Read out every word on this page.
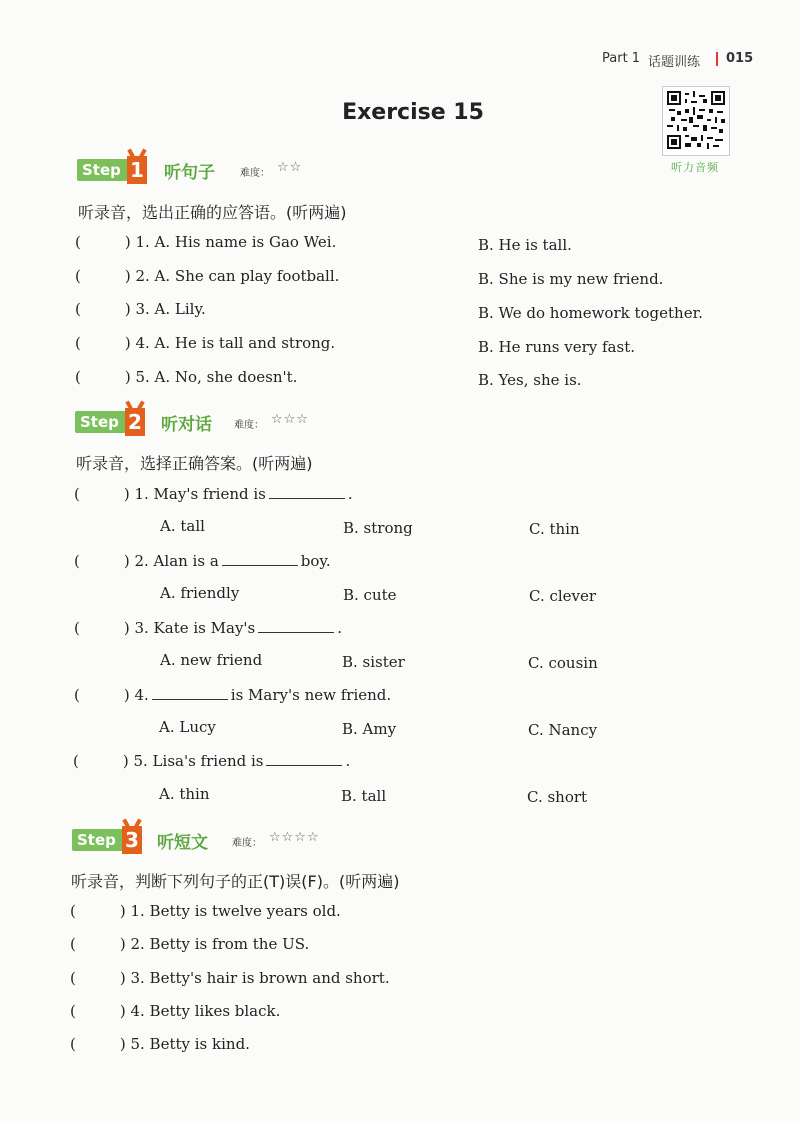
Part 1 话题训练 015
Exercise 15
听力音频
Step 1 听句子	难度： ☆☆
听录音，选出正确的应答语。(听两遍)
(	) 1. A. His name is Gao Wei.	B. He is tall.
(	) 2. A. She can play football.	B. She is my new friend.
(	) 3. A. Lily.	B. We do homework together.
(	) 4. A. He is tall and strong.	B. He runs very fast.
(	) 5. A. No, she doesn't.	B. Yes, she is.
Step 2 听对话 难度： ☆☆☆
听录音，选择正确答案。(听两遍)
(	) 1. May's friend is	.
A. tall	B. strong	C. thin
(	) 2. Alan is a	boy.
A. friendly	B. cute	C. clever
(	) 3. Kate is May's	.
A. new friend	B. sister	C. cousin
(	) 4.	is Mary's new friend.
A. Lucy	B. Amy	C. Nancy
(	) 5. Lisa's friend is	.
A. thin	B. tall	C. short
Step 3 听短文 难度： ☆☆☆☆
听录音，判断下列句子的正(T)误(F)。(听两遍)
(	) 1. Betty is twelve years old.
(	) 2. Betty is from the US.
(	) 3. Betty's hair is brown and short.
(	) 4. Betty likes black.
(	) 5. Betty is kind.
